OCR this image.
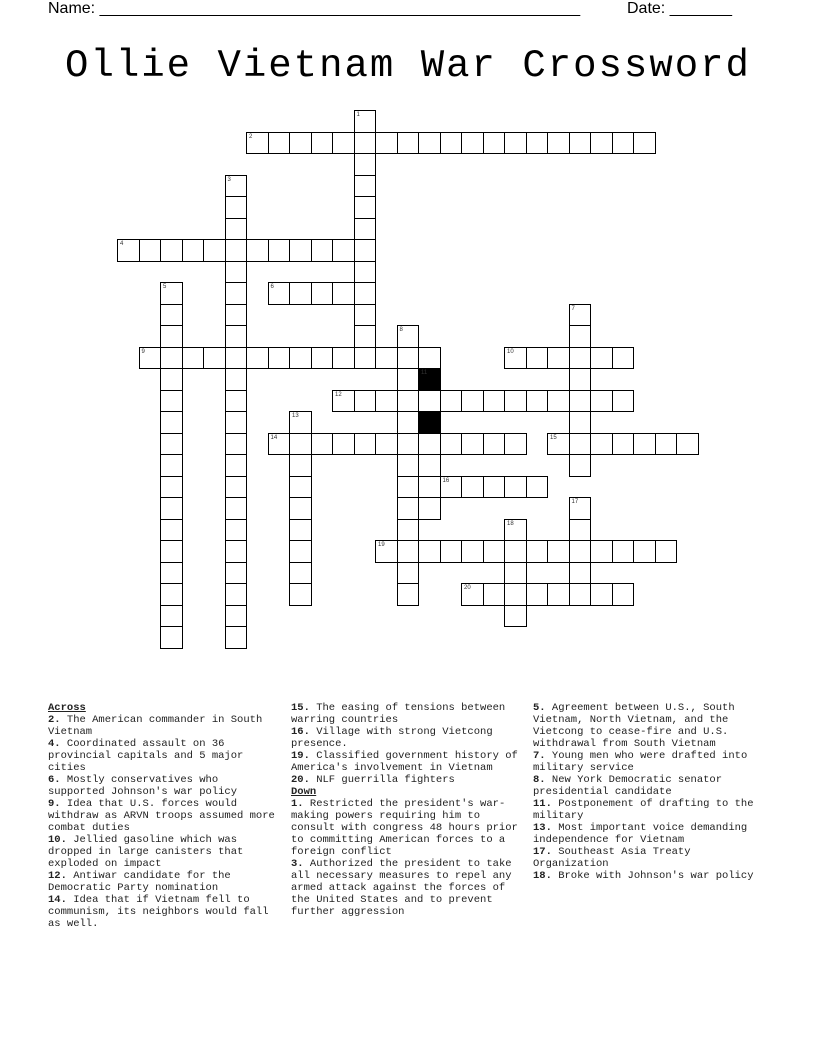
Name: ______________________________________________________	Date: _______
Ollie Vietnam War Crossword
1
2
3
4
5	6
7
8
9	10
11
12
13
14	15
16
17
18
19
20
Across
2. The American commander in South Vietnam
4. Coordinated assault on 36 provincial capitals and 5 major cities
6. Mostly conservatives who supported Johnson's war policy
9. Idea that U.S. forces would withdraw as ARVN troops assumed more combat duties
10. Jellied gasoline which was dropped in large canisters that exploded on impact
12. Antiwar candidate for the Democratic Party nomination
14. Idea that if Vietnam fell to communism, its neighbors would fall as well.
15. The easing of tensions between warring countries
16. Village with strong Vietcong presence.
19. Classified government history of America's involvement in Vietnam
20. NLF guerrilla fighters
Down
1. Restricted the president's war-making powers requiring him to consult with congress 48 hours prior to committing American forces to a foreign conflict
3. Authorized the president to take all necessary measures to repel any armed attack against the forces of the United States and to prevent further aggression
5. Agreement between U.S., South Vietnam, North Vietnam, and the Vietcong to cease-fire and U.S. withdrawal from South Vietnam
7. Young men who were drafted into military service
8. New York Democratic senator presidential candidate
11. Postponement of drafting to the military
13. Most important voice demanding independence for Vietnam
17. Southeast Asia Treaty Organization
18. Broke with Johnson's war policy
